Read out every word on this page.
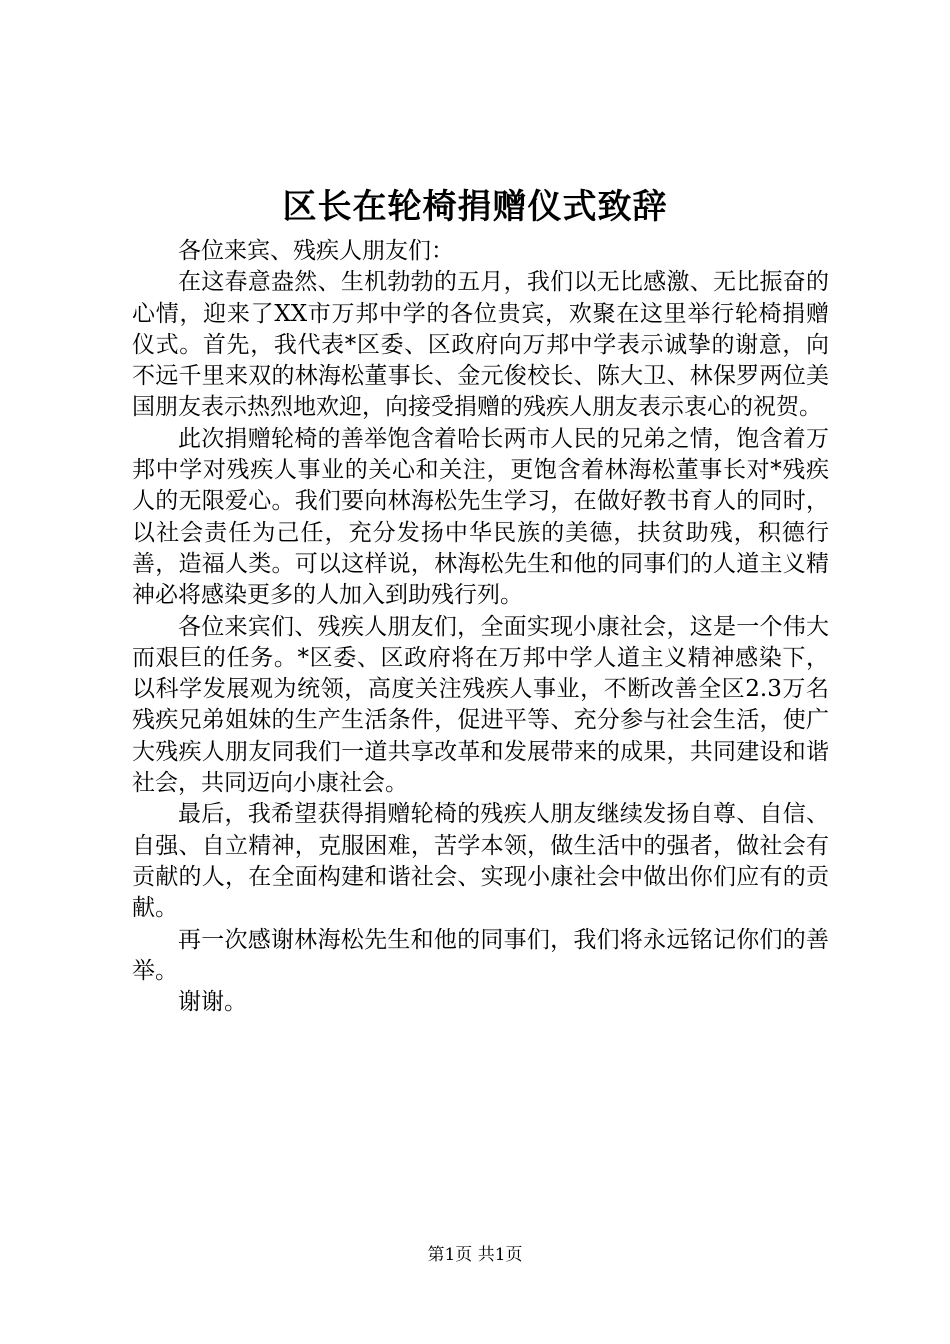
区长在轮椅捐赠仪式致辞

各位来宾、残疾人朋友们：

在这春意盎然、生机勃勃的五月，我们以无比感激、无比振奋的心情，迎来了XX市万邦中学的各位贵宾，欢聚在这里举行轮椅捐赠仪式。首先，我代表*区委、区政府向万邦中学表示诚挚的谢意，向不远千里来双的林海松董事长、金元俊校长、陈大卫、林保罗两位美国朋友表示热烈地欢迎，向接受捐赠的残疾人朋友表示衷心的祝贺。

此次捐赠轮椅的善举饱含着哈长两市人民的兄弟之情，饱含着万邦中学对残疾人事业的关心和关注，更饱含着林海松董事长对*残疾人的无限爱心。我们要向林海松先生学习，在做好教书育人的同时，以社会责任为己任，充分发扬中华民族的美德，扶贫助残，积德行善，造福人类。可以这样说，林海松先生和他的同事们的人道主义精神必将感染更多的人加入到助残行列。

各位来宾们、残疾人朋友们，全面实现小康社会，这是一个伟大而艰巨的任务。*区委、区政府将在万邦中学人道主义精神感染下，以科学发展观为统领，高度关注残疾人事业，不断改善全区2.3万名残疾兄弟姐妹的生产生活条件，促进平等、充分参与社会生活，使广大残疾人朋友同我们一道共享改革和发展带来的成果，共同建设和谐社会，共同迈向小康社会。

最后，我希望获得捐赠轮椅的残疾人朋友继续发扬自尊、自信、自强、自立精神，克服困难，苦学本领，做生活中的强者，做社会有贡献的人，在全面构建和谐社会、实现小康社会中做出你们应有的贡献。

再一次感谢林海松先生和他的同事们，我们将永远铭记你们的善举。

谢谢。

第1页 共1页
